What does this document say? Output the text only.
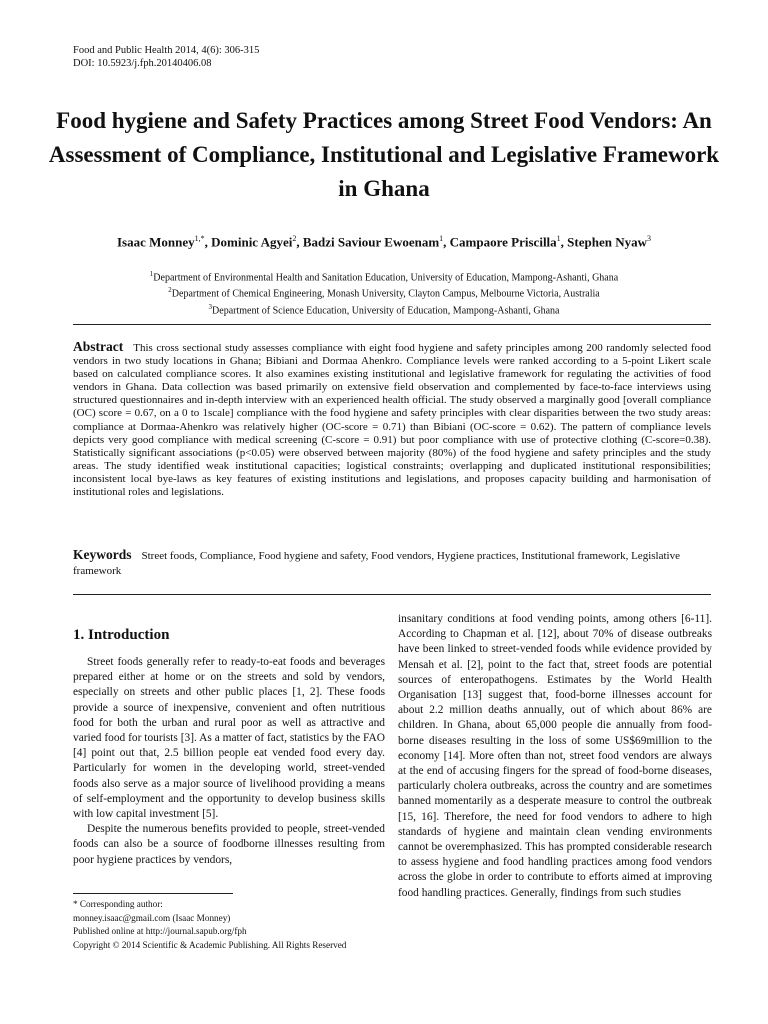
Food and Public Health 2014, 4(6): 306-315
DOI: 10.5923/j.fph.20140406.08
Food hygiene and Safety Practices among Street Food Vendors: An Assessment of Compliance, Institutional and Legislative Framework in Ghana
Isaac Monney$^{1,*}$, Dominic Agyei$^2$, Badzi Saviour Ewoenam$^1$, Campaore Priscilla$^1$, Stephen Nyaw$^3$
$^1$Department of Environmental Health and Sanitation Education, University of Education, Mampong-Ashanti, Ghana
$^2$Department of Chemical Engineering, Monash University, Clayton Campus, Melbourne Victoria, Australia
$^3$Department of Science Education, University of Education, Mampong-Ashanti, Ghana
Abstract This cross sectional study assesses compliance with eight food hygiene and safety principles among 200 randomly selected food vendors in two study locations in Ghana; Bibiani and Dormaa Ahenkro. Compliance levels were ranked according to a 5-point Likert scale based on calculated compliance scores. It also examines existing institutional and legislative framework for regulating the activities of food vendors in Ghana. Data collection was based primarily on extensive field observation and complemented by face-to-face interviews using structured questionnaires and in-depth interview with an experienced health official. The study observed a marginally good [overall compliance (OC) score = 0.67, on a 0 to 1scale] compliance with the food hygiene and safety principles with clear disparities between the two study areas: compliance at Dormaa-Ahenkro was relatively higher (OC-score = 0.71) than Bibiani (OC-score = 0.62). The pattern of compliance levels depicts very good compliance with medical screening (C-score = 0.91) but poor compliance with use of protective clothing (C-score=0.38). Statistically significant associations (p<0.05) were observed between majority (80%) of the food hygiene and safety principles and the study areas. The study identified weak institutional capacities; logistical constraints; overlapping and duplicated institutional responsibilities; inconsistent local bye-laws as key features of existing institutions and legislations, and proposes capacity building and harmonisation of institutional roles and legislations.
Keywords Street foods, Compliance, Food hygiene and safety, Food vendors, Hygiene practices, Institutional framework, Legislative framework
1. Introduction

Street foods generally refer to ready-to-eat foods and beverages prepared either at home or on the streets and sold by vendors, especially on streets and other public places [1, 2]. These foods provide a source of inexpensive, convenient and often nutritious food for both the urban and rural poor as well as attractive and varied food for tourists [3]. As a matter of fact, statistics by the FAO [4] point out that, 2.5 billion people eat vended food every day. Particularly for women in the developing world, street-vended foods also serve as a major source of livelihood providing a means of self-employment and the opportunity to develop business skills with low capital investment [5].

Despite the numerous benefits provided to people, street-vended foods can also be a source of foodborne illnesses resulting from poor hygiene practices by vendors,

insanitary conditions at food vending points, among others [6-11]. According to Chapman et al. [12], about 70% of disease outbreaks have been linked to street-vended foods while evidence provided by Mensah et al. [2], point to the fact that, street foods are potential sources of enteropathogens. Estimates by the World Health Organisation [13] suggest that, food-borne illnesses account for about 2.2 million deaths annually, out of which about 86% are children. In Ghana, about 65,000 people die annually from food-borne diseases resulting in the loss of some US$69million to the economy [14]. More often than not, street food vendors are always at the end of accusing fingers for the spread of food-borne diseases, particularly cholera outbreaks, across the country and are sometimes banned momentarily as a desperate measure to control the outbreak [15, 16]. Therefore, the need for food vendors to adhere to high standards of hygiene and maintain clean vending environments cannot be overemphasized. This has prompted considerable research to assess hygiene and food handling practices among food vendors across the globe in order to contribute to efforts aimed at improving food handling practices. Generally, findings from such studies

* Corresponding author:
monney.isaac@gmail.com (Isaac Monney)
Published online at http://journal.sapub.org/fph
Copyright © 2014 Scientific & Academic Publishing. All Rights Reserved
